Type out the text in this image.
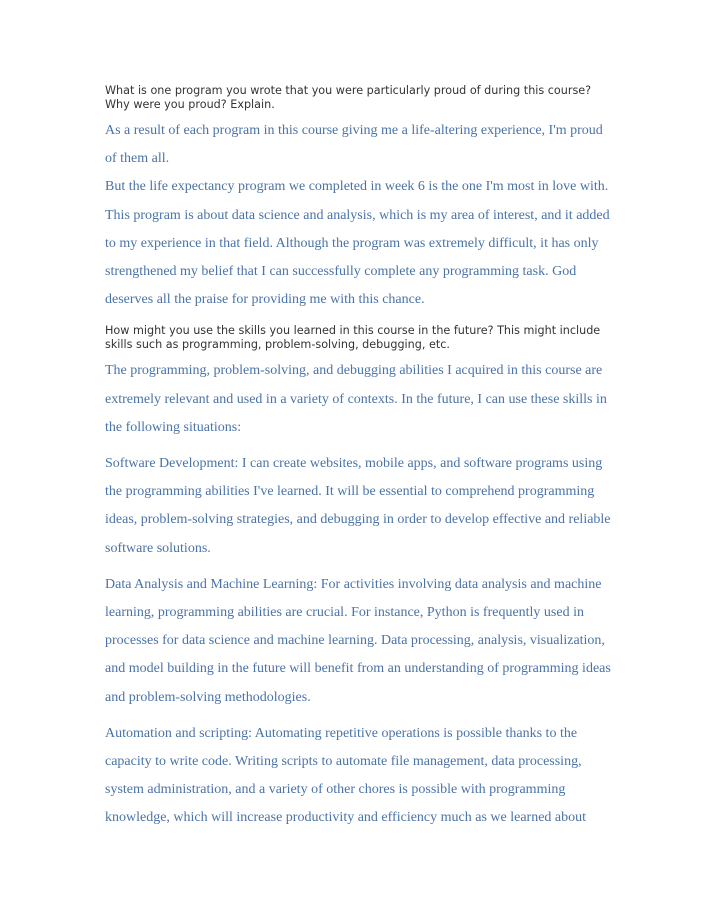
What is one program you wrote that you were particularly proud of during this course? Why were you proud? Explain.

As a result of each program in this course giving me a life-altering experience, I'm proud of them all.

But the life expectancy program we completed in week 6 is the one I'm most in love with. This program is about data science and analysis, which is my area of interest, and it added to my experience in that field. Although the program was extremely difficult, it has only strengthened my belief that I can successfully complete any programming task. God deserves all the praise for providing me with this chance.

How might you use the skills you learned in this course in the future? This might include skills such as programming, problem-solving, debugging, etc.

The programming, problem-solving, and debugging abilities I acquired in this course are extremely relevant and used in a variety of contexts. In the future, I can use these skills in the following situations:

Software Development: I can create websites, mobile apps, and software programs using the programming abilities I've learned. It will be essential to comprehend programming ideas, problem-solving strategies, and debugging in order to develop effective and reliable software solutions.

Data Analysis and Machine Learning: For activities involving data analysis and machine learning, programming abilities are crucial. For instance, Python is frequently used in processes for data science and machine learning. Data processing, analysis, visualization, and model building in the future will benefit from an understanding of programming ideas and problem-solving methodologies.

Automation and scripting: Automating repetitive operations is possible thanks to the capacity to write code. Writing scripts to automate file management, data processing, system administration, and a variety of other chores is possible with programming knowledge, which will increase productivity and efficiency much as we learned about
